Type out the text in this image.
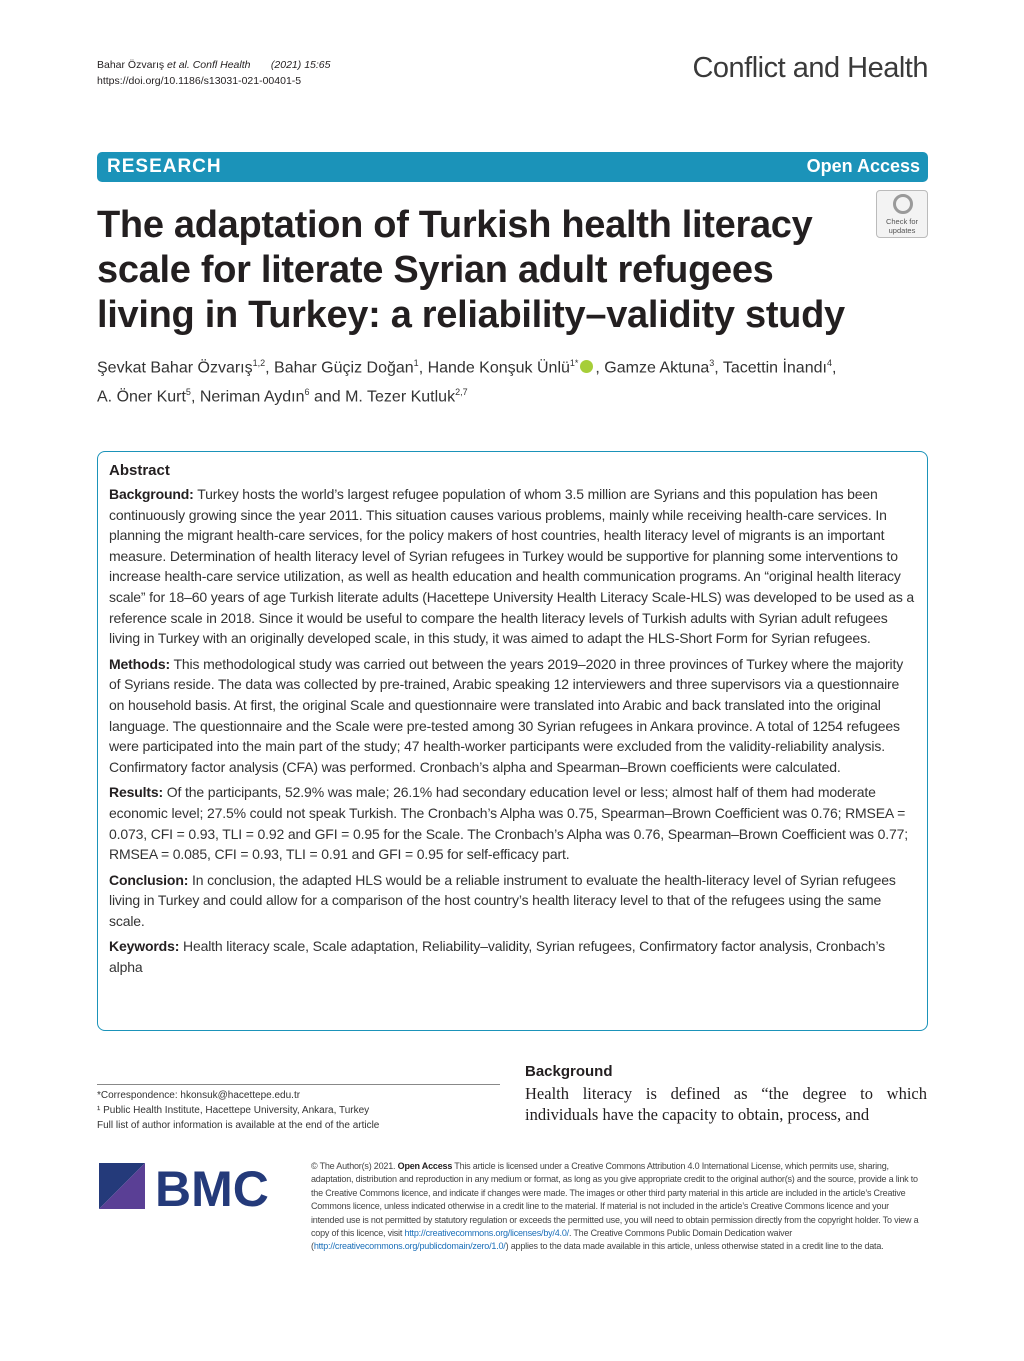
Bahar Özvarış et al. Confl Health (2021) 15:65
https://doi.org/10.1186/s13031-021-00401-5	Conflict and Health
RESEARCH	Open Access
The adaptation of Turkish health literacy scale for literate Syrian adult refugees living in Turkey: a reliability–validity study
Check for
updates
Şevkat Bahar Özvarış$^{1,2}$, Bahar Güçiz Doğan$^1$, Hande Konşuk Ünlü$^{1*}$ , Gamze Aktuna$^3$, Tacettin İnandı$^4$,
A. Öner Kurt$^5$, Neriman Aydın$^6$ and M. Tezer Kutluk$^{2,7}$
Abstract

Background: Turkey hosts the world’s largest refugee population of whom 3.5 million are Syrians and this population has been continuously growing since the year 2011. This situation causes various problems, mainly while receiving health-care services. In planning the migrant health-care services, for the policy makers of host countries, health literacy level of migrants is an important measure. Determination of health literacy level of Syrian refugees in Turkey would be supportive for planning some interventions to increase health-care service utilization, as well as health education and health communication programs. An “original health literacy scale” for 18–60 years of age Turkish literate adults (Hacettepe University Health Literacy Scale-HLS) was developed to be used as a reference scale in 2018. Since it would be useful to compare the health literacy levels of Turkish adults with Syrian adult refugees living in Turkey with an originally developed scale, in this study, it was aimed to adapt the HLS-Short Form for Syrian refugees.

Methods: This methodological study was carried out between the years 2019–2020 in three provinces of Turkey where the majority of Syrians reside. The data was collected by pre-trained, Arabic speaking 12 interviewers and three supervisors via a questionnaire on household basis. At first, the original Scale and questionnaire were translated into Arabic and back translated into the original language. The questionnaire and the Scale were pre-tested among 30 Syrian refugees in Ankara province. A total of 1254 refugees were participated into the main part of the study; 47 health-worker participants were excluded from the validity-reliability analysis. Confirmatory factor analysis (CFA) was performed. Cronbach’s alpha and Spearman–Brown coefficients were calculated.

Results: Of the participants, 52.9% was male; 26.1% had secondary education level or less; almost half of them had moderate economic level; 27.5% could not speak Turkish. The Cronbach’s Alpha was 0.75, Spearman–Brown Coefficient was 0.76; RMSEA = 0.073, CFI = 0.93, TLI = 0.92 and GFI = 0.95 for the Scale. The Cronbach’s Alpha was 0.76, Spearman–Brown Coefficient was 0.77; RMSEA = 0.085, CFI = 0.93, TLI = 0.91 and GFI = 0.95 for self-efficacy part.

Conclusion: In conclusion, the adapted HLS would be a reliable instrument to evaluate the health-literacy level of Syrian refugees living in Turkey and could allow for a comparison of the host country’s health literacy level to that of the refugees using the same scale.

Keywords: Health literacy scale, Scale adaptation, Reliability–validity, Syrian refugees, Confirmatory factor analysis, Cronbach’s alpha

*Correspondence: hkonsuk@hacettepe.edu.tr
¹ Public Health Institute, Hacettepe University, Ankara, Turkey
Full list of author information is available at the end of the article
Background
Health literacy is defined as “the degree to which individuals have the capacity to obtain, process, and
BMC	© The Author(s) 2021. Open Access This article is licensed under a Creative Commons Attribution 4.0 International License, which permits use, sharing, adaptation, distribution and reproduction in any medium or format, as long as you give appropriate credit to the original author(s) and the source, provide a link to the Creative Commons licence, and indicate if changes were made. The images or other third party material in this article are included in the article’s Creative Commons licence, unless indicated otherwise in a credit line to the material. If material is not included in the article’s Creative Commons licence and your intended use is not permitted by statutory regulation or exceeds the permitted use, you will need to obtain permission directly from the copyright holder. To view a copy of this licence, visit http://creativecommons.org/licenses/by/4.0/. The Creative Commons Public Domain Dedication waiver (http://creativecommons.org/publicdomain/zero/1.0/) applies to the data made available in this article, unless otherwise stated in a credit line to the data.
